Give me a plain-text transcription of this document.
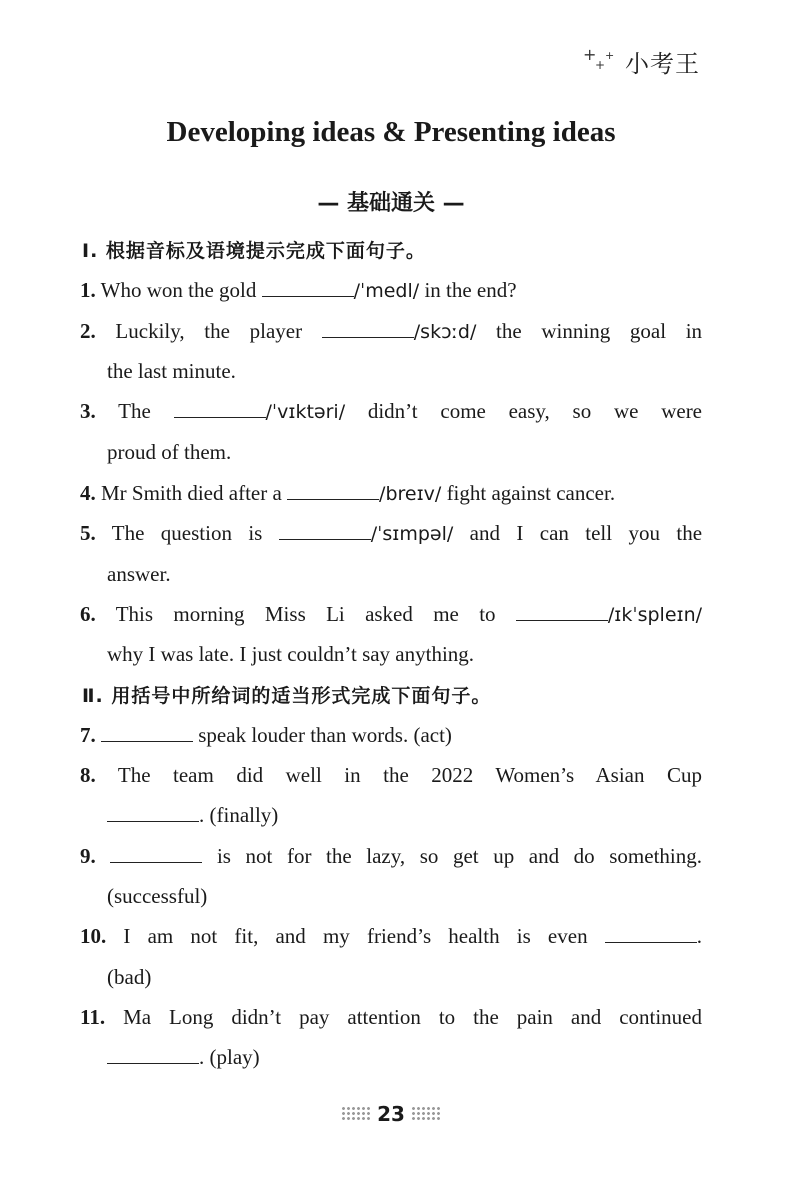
+
+
+ 小考王
Developing ideas & Presenting ideas
— 基础通关 —
Ⅰ. 根据音标及语境提示完成下面句子。
1. Who won the gold	/ˈmedl/ in the end?
2. Luckily, the player	/skɔːd/ the winning goal in
the last minute.
3. The	/ˈvɪktəri/ didn’t come easy, so we were
proud of them.
4. Mr Smith died after a	/breɪv/ fight against cancer.
5. The question is	/ˈsɪmpəl/ and I can tell you the
answer.
6. This morning Miss Li asked me to	/ɪkˈspleɪn/
why I was late. I just couldn’t say anything.
Ⅱ. 用括号中所给词的适当形式完成下面句子。
7.	speak louder than words. (act)
8. The team did well in the 2022 Women’s Asian Cup
. (finally)
9.	is not for the lazy, so get up and do something.
(successful)
10. I am not fit, and my friend’s health is even	.
(bad)
11. Ma Long didn’t pay attention to the pain and continued
. (play)
23
